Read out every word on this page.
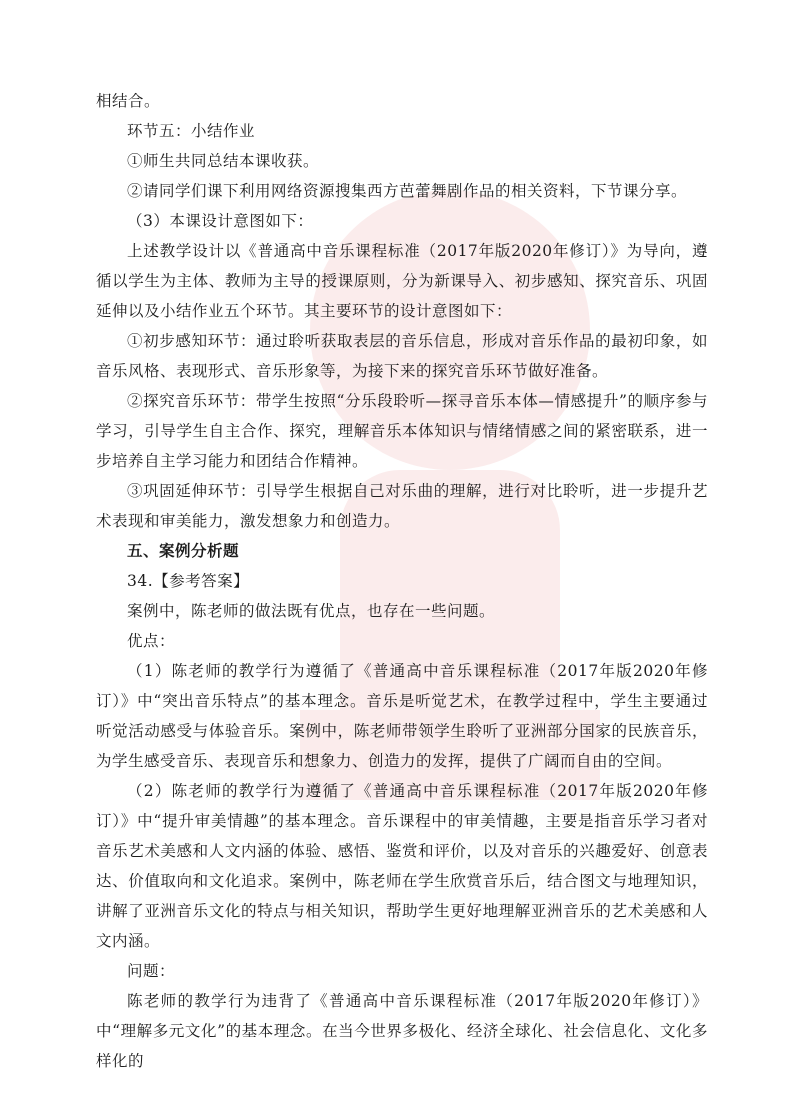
相结合。

环节五：小结作业

①师生共同总结本课收获。

②请同学们课下利用网络资源搜集西方芭蕾舞剧作品的相关资料，下节课分享。

（3）本课设计意图如下：

上述教学设计以《普通高中音乐课程标准（2017年版2020年修订）》为导向，遵循以学生为主体、教师为主导的授课原则，分为新课导入、初步感知、探究音乐、巩固延伸以及小结作业五个环节。其主要环节的设计意图如下：

①初步感知环节：通过聆听获取表层的音乐信息，形成对音乐作品的最初印象，如音乐风格、表现形式、音乐形象等，为接下来的探究音乐环节做好准备。

②探究音乐环节：带学生按照“分乐段聆听—探寻音乐本体—情感提升”的顺序参与学习，引导学生自主合作、探究，理解音乐本体知识与情绪情感之间的紧密联系，进一步培养自主学习能力和团结合作精神。

③巩固延伸环节：引导学生根据自己对乐曲的理解，进行对比聆听，进一步提升艺术表现和审美能力，激发想象力和创造力。

五、案例分析题

34.【参考答案】

案例中，陈老师的做法既有优点，也存在一些问题。

优点：

（1）陈老师的教学行为遵循了《普通高中音乐课程标准（2017年版2020年修订）》中“突出音乐特点”的基本理念。音乐是听觉艺术，在教学过程中，学生主要通过听觉活动感受与体验音乐。案例中，陈老师带领学生聆听了亚洲部分国家的民族音乐，为学生感受音乐、表现音乐和想象力、创造力的发挥，提供了广阔而自由的空间。

（2）陈老师的教学行为遵循了《普通高中音乐课程标准（2017年版2020年修订）》中“提升审美情趣”的基本理念。音乐课程中的审美情趣，主要是指音乐学习者对音乐艺术美感和人文内涵的体验、感悟、鉴赏和评价，以及对音乐的兴趣爱好、创意表达、价值取向和文化追求。案例中，陈老师在学生欣赏音乐后，结合图文与地理知识，讲解了亚洲音乐文化的特点与相关知识，帮助学生更好地理解亚洲音乐的艺术美感和人文内涵。

问题：

陈老师的教学行为违背了《普通高中音乐课程标准（2017年版2020年修订）》中“理解多元文化”的基本理念。在当今世界多极化、经济全球化、社会信息化、文化多样化的
